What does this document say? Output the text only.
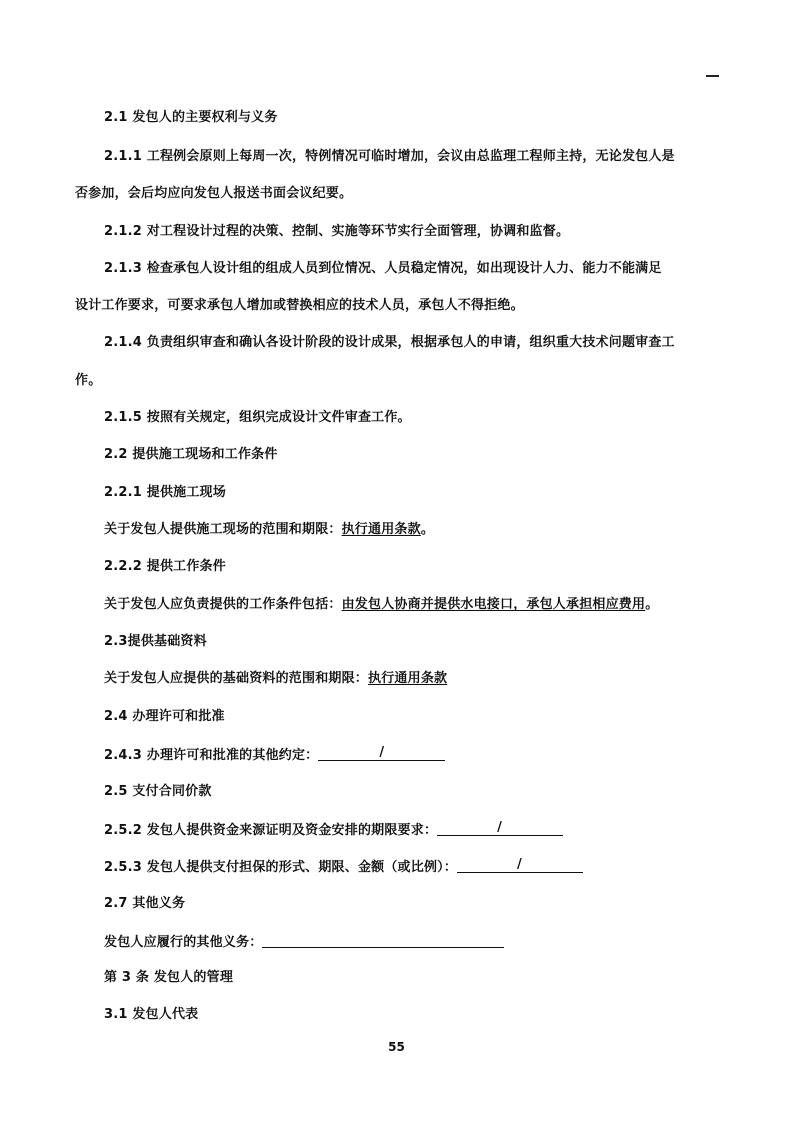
2.1 发包人的主要权利与义务
2.1.1 工程例会原则上每周一次，特例情况可临时增加，会议由总监理工程师主持，无论发包人是
否参加，会后均应向发包人报送书面会议纪要。
2.1.2 对工程设计过程的决策、控制、实施等环节实行全面管理，协调和监督。
2.1.3 检查承包人设计组的组成人员到位情况、人员稳定情况，如出现设计人力、能力不能满足
设计工作要求，可要求承包人增加或替换相应的技术人员，承包人不得拒绝。
2.1.4 负责组织审查和确认各设计阶段的设计成果，根据承包人的申请，组织重大技术问题审查工
作。
2.1.5 按照有关规定，组织完成设计文件审查工作。
2.2 提供施工现场和工作条件
2.2.1 提供施工现场
关于发包人提供施工现场的范围和期限：执行通用条款。
2.2.2 提供工作条件
关于发包人应负责提供的工作条件包括：由发包人协商并提供水电接口，承包人承担相应费用。
2.3提供基础资料
关于发包人应提供的基础资料的范围和期限：执行通用条款
2.4 办理许可和批准
2.4.3 办理许可和批准的其他约定：	/
2.5 支付合同价款
2.5.2 发包人提供资金来源证明及资金安排的期限要求：	/
2.5.3 发包人提供支付担保的形式、期限、金额（或比例）：	/
2.7 其他义务
发包人应履行的其他义务：
第 3 条 发包人的管理
3.1 发包人代表
55
